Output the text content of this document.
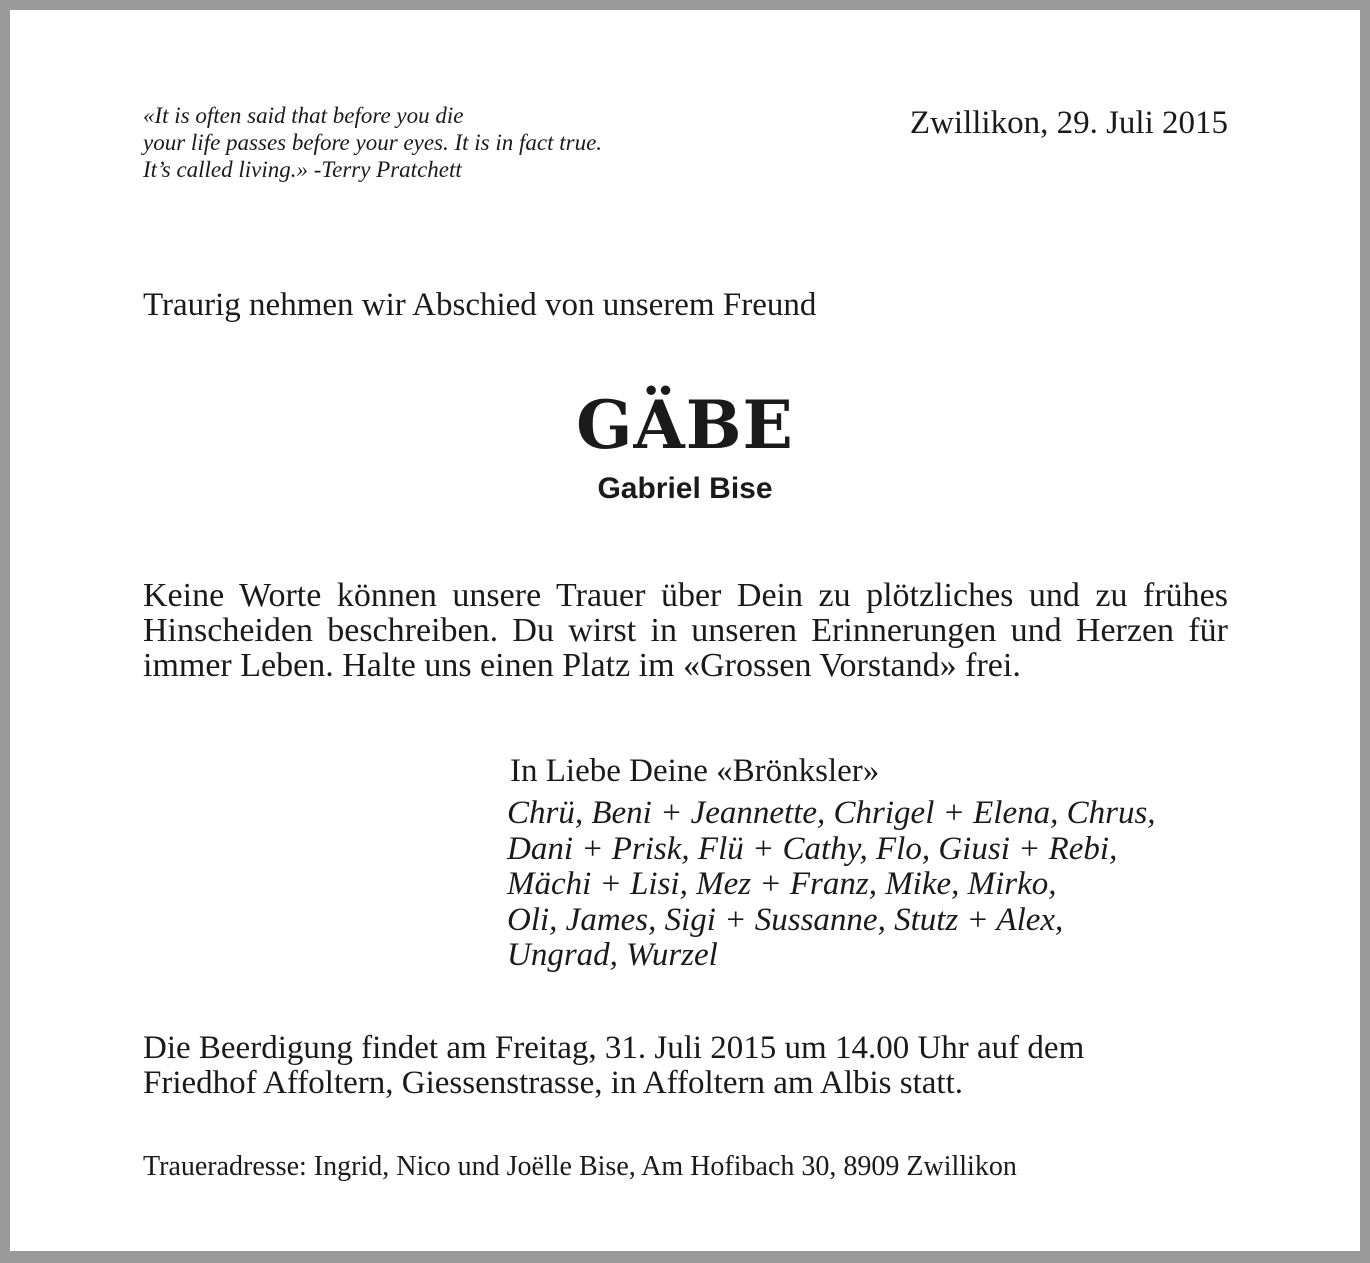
«It is often said that before you die
your life passes before your eyes. It is in fact true.
It’s called living.» -Terry Pratchett
Zwillikon, 29. Juli 2015
Traurig nehmen wir Abschied von unserem Freund
GÄBE
Gabriel Bise
Keine Worte können unsere Trauer über Dein zu plötzliches und zu frühes Hinscheiden beschreiben. Du wirst in unseren Erinnerungen und Herzen für immer Leben. Halte uns einen Platz im «Grossen Vorstand» frei.
In Liebe Deine «Brönksler»
Chrü, Beni + Jeannette, Chrigel + Elena, Chrus,
Dani + Prisk, Flü + Cathy, Flo, Giusi + Rebi,
Mächi + Lisi, Mez + Franz, Mike, Mirko,
Oli, James, Sigi + Sussanne, Stutz + Alex,
Ungrad, Wurzel
Die Beerdigung findet am Freitag, 31. Juli 2015 um 14.00 Uhr auf dem
Friedhof Affoltern, Giessenstrasse, in Affoltern am Albis statt.
Traueradresse: Ingrid, Nico und Joëlle Bise, Am Hofibach 30, 8909 Zwillikon
